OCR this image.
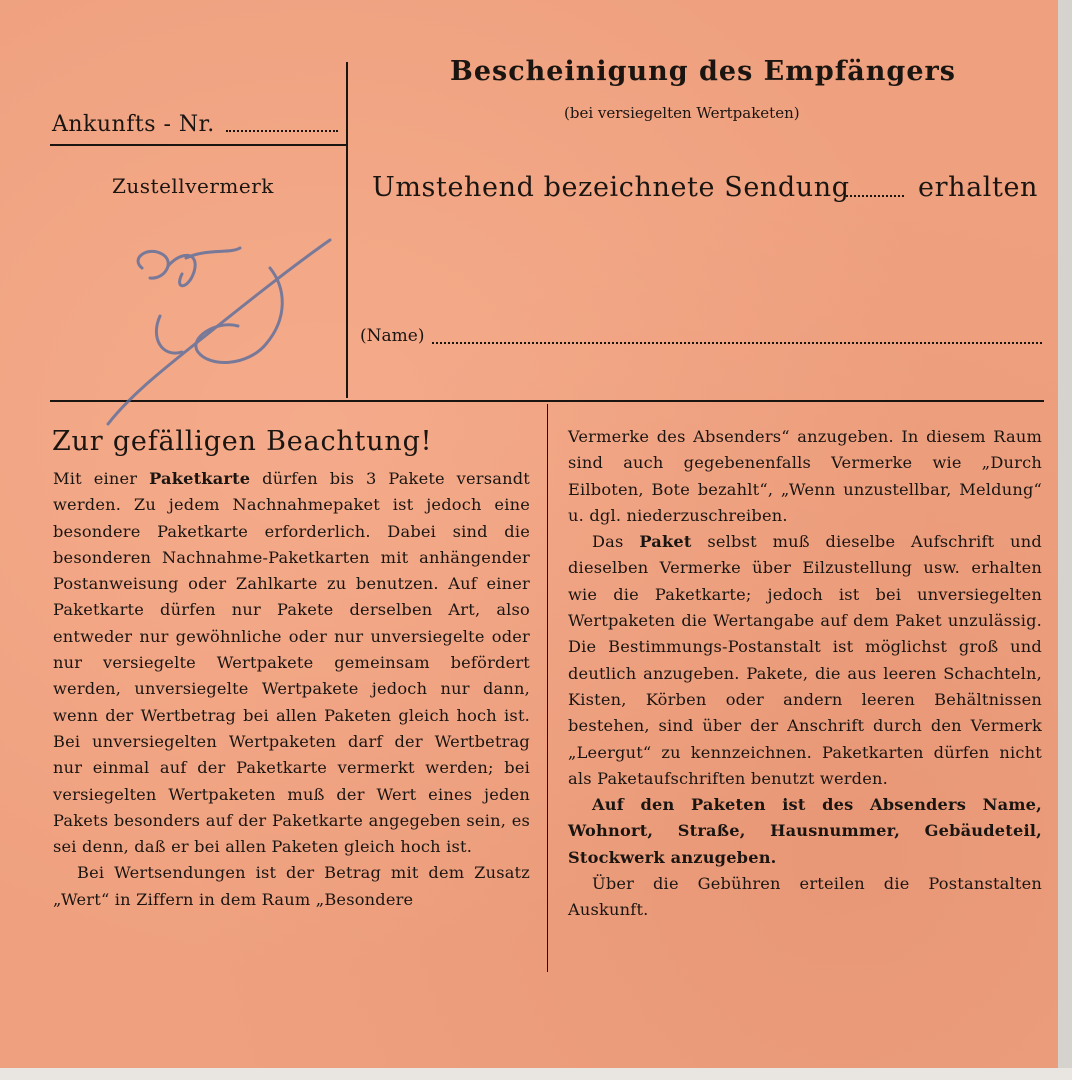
Ankunfts - Nr.
Zustellvermerk
Bescheinigung des Empfängers
(bei versiegelten Wertpaketen)
Umstehend bezeichnete Sendung	erhalten
(Name)
Zur gefälligen Beachtung!

Mit einer Paketkarte dürfen bis 3 Pakete versandt werden. Zu jedem Nachnahmepaket ist jedoch eine besondere Paketkarte erforderlich. Dabei sind die besonderen Nachnahme-Paketkarten mit anhängender Postanweisung oder Zahlkarte zu benutzen. Auf einer Paketkarte dürfen nur Pakete derselben Art, also entweder nur gewöhnliche oder nur unversiegelte oder nur versiegelte Wertpakete gemeinsam befördert werden, unversiegelte Wertpakete jedoch nur dann, wenn der Wertbetrag bei allen Paketen gleich hoch ist. Bei unversiegelten Wertpaketen darf der Wertbetrag nur einmal auf der Paketkarte vermerkt werden; bei versiegelten Wertpaketen muß der Wert eines jeden Pakets besonders auf der Paketkarte angegeben sein, es sei denn, daß er bei allen Paketen gleich hoch ist.

Bei Wertsendungen ist der Betrag mit dem Zusatz „Wert“ in Ziffern in dem Raum „Besondere

Vermerke des Absenders“ anzugeben. In diesem Raum sind auch gegebenenfalls Vermerke wie „Durch Eilboten, Bote bezahlt“, „Wenn unzustellbar, Meldung“ u. dgl. niederzuschreiben.

Das Paket selbst muß dieselbe Aufschrift und dieselben Vermerke über Eilzustellung usw. erhalten wie die Paketkarte; jedoch ist bei unversiegelten Wertpaketen die Wertangabe auf dem Paket unzulässig. Die Bestimmungs-Postanstalt ist möglichst groß und deutlich anzugeben. Pakete, die aus leeren Schachteln, Kisten, Körben oder andern leeren Behältnissen bestehen, sind über der Anschrift durch den Vermerk „Leergut“ zu kennzeichnen. Paketkarten dürfen nicht als Paketaufschriften benutzt werden.

Auf den Paketen ist des Absenders Name, Wohnort, Straße, Hausnummer, Gebäudeteil, Stockwerk anzugeben.

Über die Gebühren erteilen die Postanstalten Auskunft.
